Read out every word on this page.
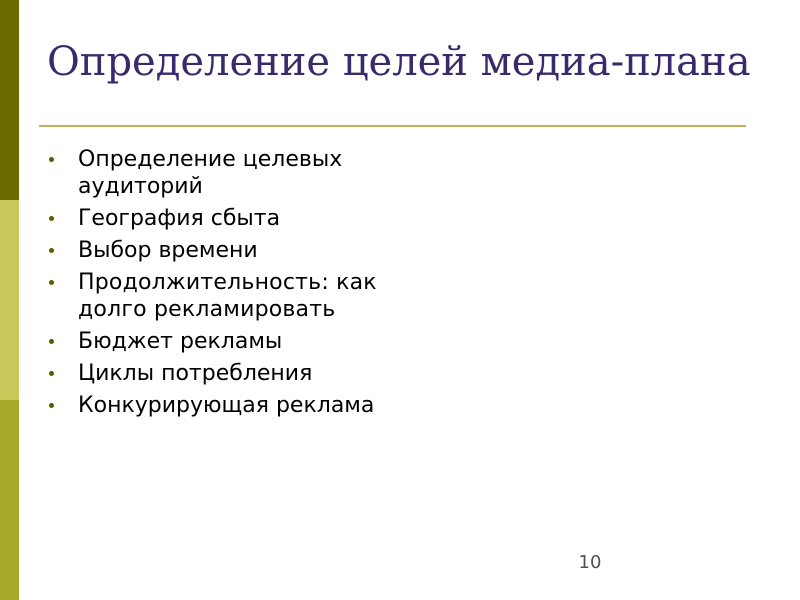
Определение целей медиа-плана
Определение целевых аудиторий
География сбыта
Выбор времени
Продолжительность: как долго рекламировать
Бюджет рекламы
Циклы потребления
Конкурирующая реклама
10
